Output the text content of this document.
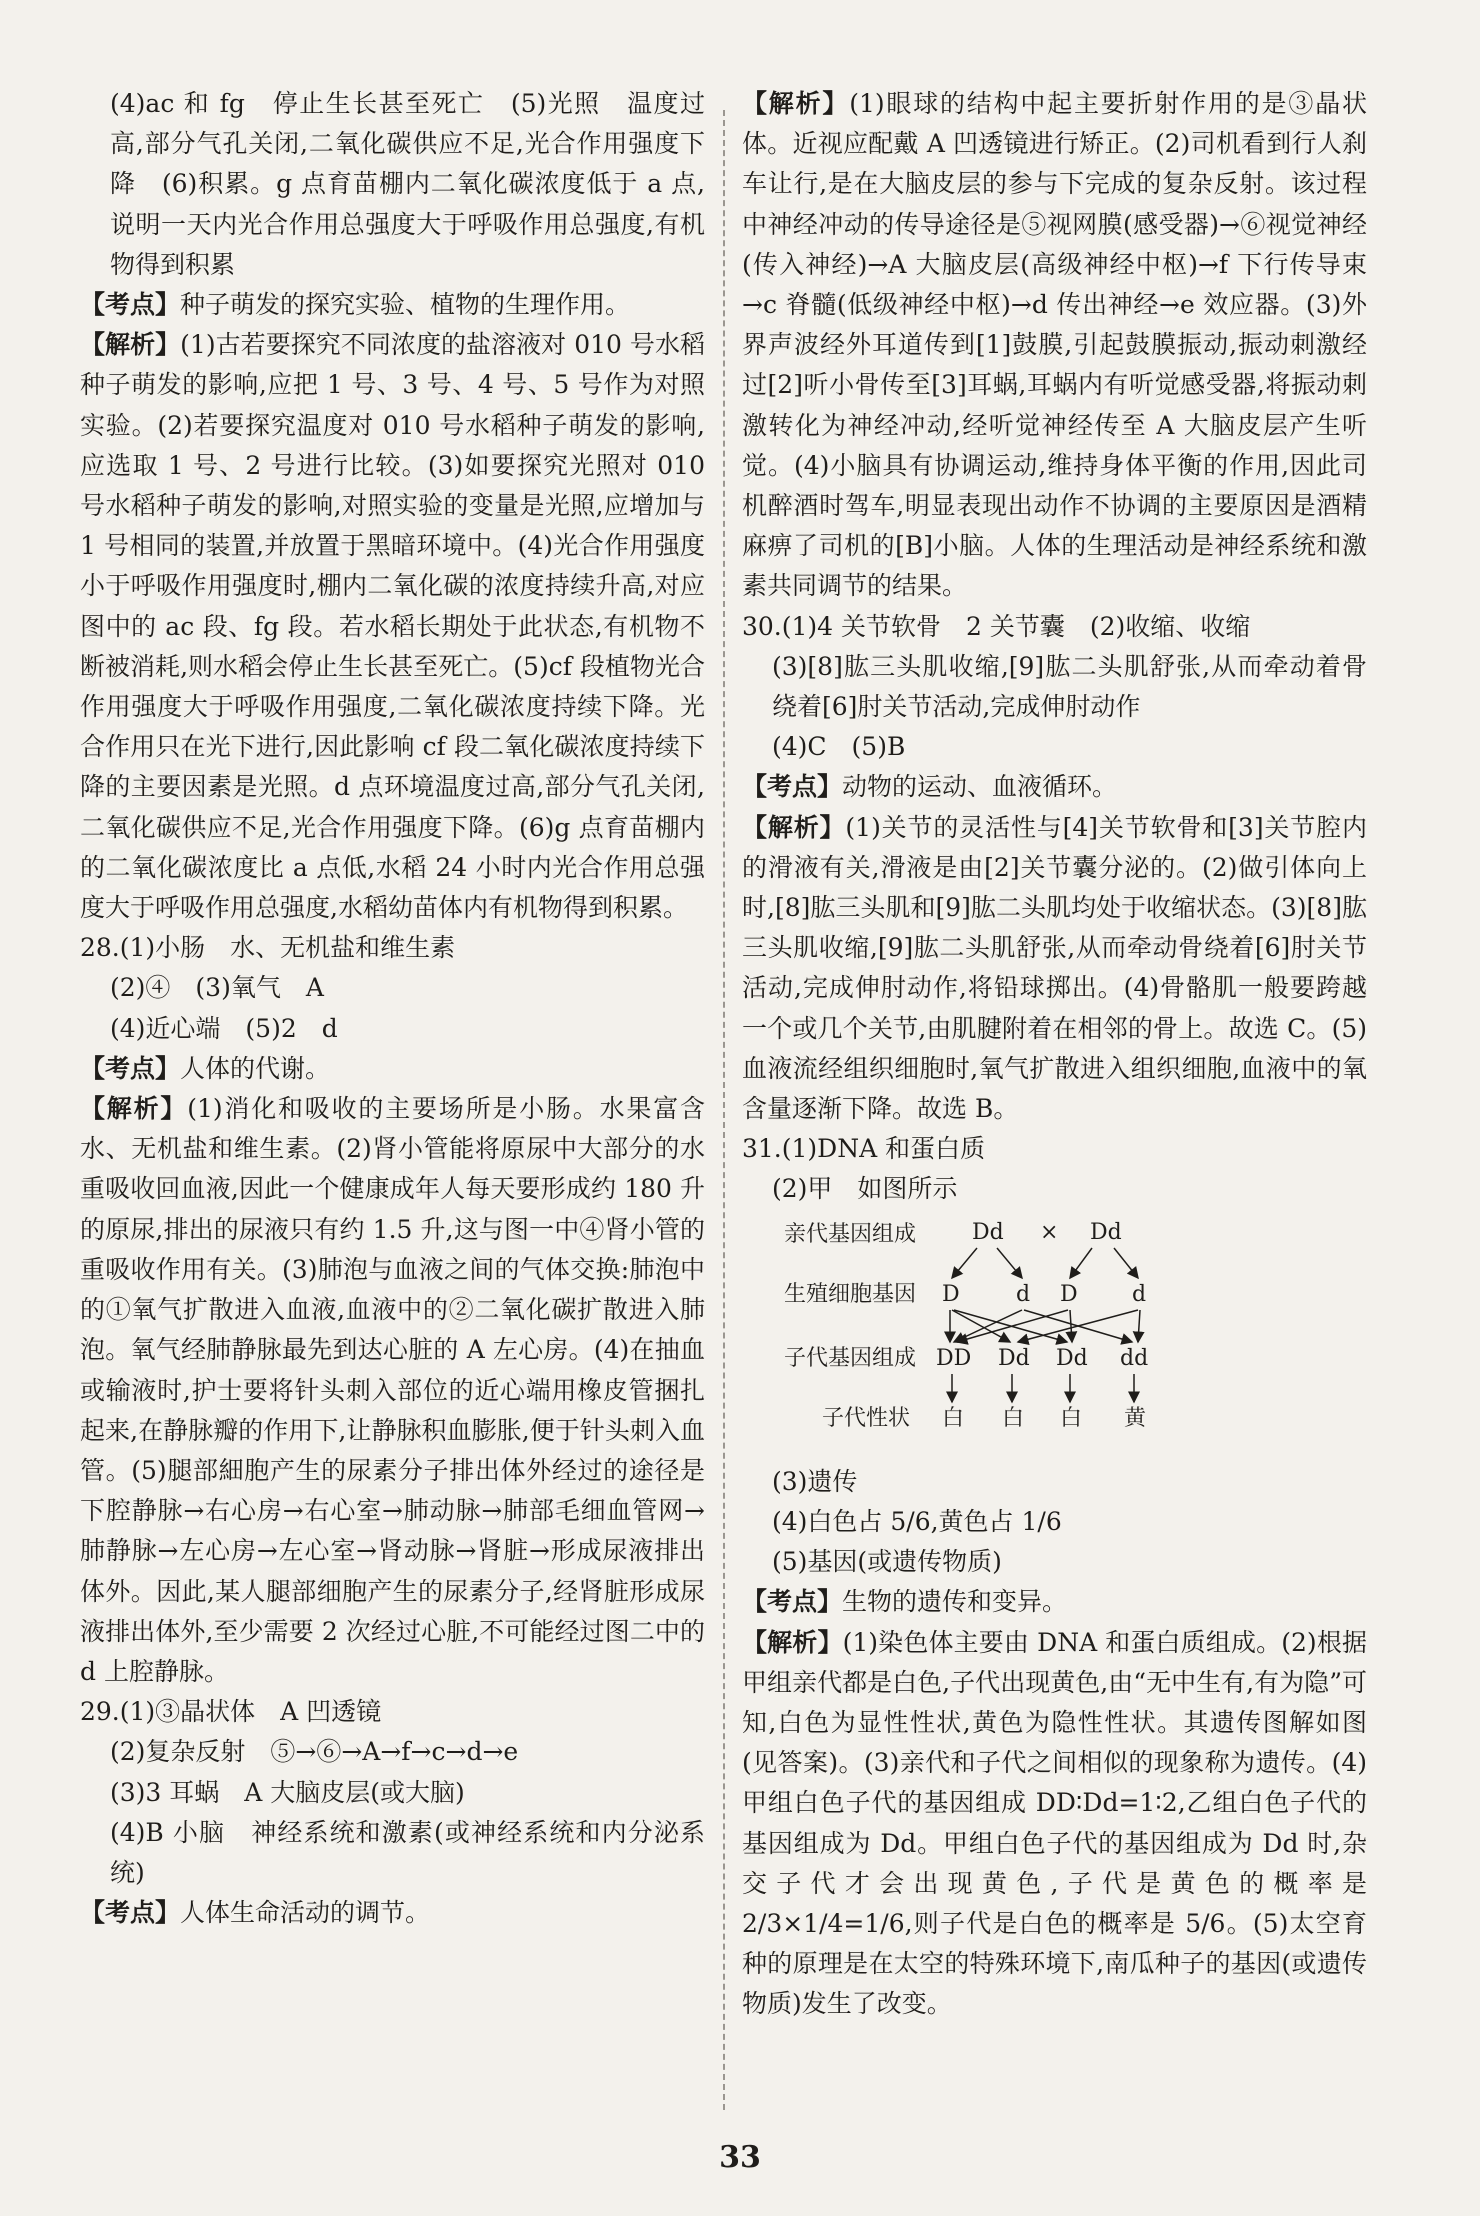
(4)ac 和 fg　停止生长甚至死亡　(5)光照　温度过高,部分气孔关闭,二氧化碳供应不足,光合作用强度下降　(6)积累。g 点育苗棚内二氧化碳浓度低于 a 点,说明一天内光合作用总强度大于呼吸作用总强度,有机物得到积累

【考点】种子萌发的探究实验、植物的生理作用。

【解析】(1)古若要探究不同浓度的盐溶液对 010 号水稻种子萌发的影响,应把 1 号、3 号、4 号、5 号作为对照实验。(2)若要探究温度对 010 号水稻种子萌发的影响,应选取 1 号、2 号进行比较。(3)如要探究光照对 010 号水稻种子萌发的影响,对照实验的变量是光照,应增加与 1 号相同的装置,并放置于黑暗环境中。(4)光合作用强度小于呼吸作用强度时,棚内二氧化碳的浓度持续升高,对应图中的 ac 段、fg 段。若水稻长期处于此状态,有机物不断被消耗,则水稻会停止生长甚至死亡。(5)cf 段植物光合作用强度大于呼吸作用强度,二氧化碳浓度持续下降。光合作用只在光下进行,因此影响 cf 段二氧化碳浓度持续下降的主要因素是光照。d 点环境温度过高,部分气孔关闭,二氧化碳供应不足,光合作用强度下降。(6)g 点育苗棚内的二氧化碳浓度比 a 点低,水稻 24 小时内光合作用总强度大于呼吸作用总强度,水稻幼苗体内有机物得到积累。

28.(1)小肠　水、无机盐和维生素

(2)④　(3)氧气　A

(4)近心端　(5)2　d

【考点】人体的代谢。

【解析】(1)消化和吸收的主要场所是小肠。水果富含水、无机盐和维生素。(2)肾小管能将原尿中大部分的水重吸收回血液,因此一个健康成年人每天要形成约 180 升的原尿,排出的尿液只有约 1.5 升,这与图一中④肾小管的重吸收作用有关。(3)肺泡与血液之间的气体交换:肺泡中的①氧气扩散进入血液,血液中的②二氧化碳扩散进入肺泡。氧气经肺静脉最先到达心脏的 A 左心房。(4)在抽血或输液时,护士要将针头刺入部位的近心端用橡皮管捆扎起来,在静脉瓣的作用下,让静脉积血膨胀,便于针头刺入血管。(5)腿部細胞产生的尿素分子排出体外经过的途径是下腔静脉→右心房→右心室→肺动脉→肺部毛细血管网→肺静脉→左心房→左心室→肾动脉→肾脏→形成尿液排出体外。因此,某人腿部细胞产生的尿素分子,经肾脏形成尿液排出体外,至少需要 2 次经过心脏,不可能经过图二中的 d 上腔静脉。

29.(1)③晶状体　A 凹透镜

(2)复杂反射　⑤→⑥→A→f→c→d→e

(3)3 耳蜗　A 大脑皮层(或大脑)

(4)B 小脑　神经系统和激素(或神经系统和内分泌系统)

【考点】人体生命活动的调节。

【解析】(1)眼球的结构中起主要折射作用的是③晶状体。近视应配戴 A 凹透镜进行矫正。(2)司机看到行人刹车让行,是在大脑皮层的参与下完成的复杂反射。该过程中神经冲动的传导途径是⑤视网膜(感受器)→⑥视觉神经(传入神经)→A 大脑皮层(高级神经中枢)→f 下行传导束→c 脊髓(低级神经中枢)→d 传出神经→e 效应器。(3)外界声波经外耳道传到[1]鼓膜,引起鼓膜振动,振动刺激经过[2]听小骨传至[3]耳蜗,耳蜗内有听觉感受器,将振动刺激转化为神经冲动,经听觉神经传至 A 大脑皮层产生听觉。(4)小脑具有协调运动,维持身体平衡的作用,因此司机醉酒时驾车,明显表现出动作不协调的主要原因是酒精麻痹了司机的[B]小脑。人体的生理活动是神经系统和激素共同调节的结果。

30.(1)4 关节软骨　2 关节囊　(2)收缩、收缩

(3)[8]肱三头肌收缩,[9]肱二头肌舒张,从而牵动着骨绕着[6]肘关节活动,完成伸肘动作

(4)C　(5)B

【考点】动物的运动、血液循环。

【解析】(1)关节的灵活性与[4]关节软骨和[3]关节腔内的滑液有关,滑液是由[2]关节囊分泌的。(2)做引体向上时,[8]肱三头肌和[9]肱二头肌均处于收缩状态。(3)[8]肱三头肌收缩,[9]肱二头肌舒张,从而牵动骨绕着[6]肘关节活动,完成伸肘动作,将铅球掷出。(4)骨骼肌一般要跨越一个或几个关节,由肌腱附着在相邻的骨上。故选 C。(5)血液流经组织细胞时,氧气扩散进入组织细胞,血液中的氧含量逐渐下降。故选 B。

31.(1)DNA 和蛋白质

(2)甲　如图所示

亲代基因组成
生殖细胞基因
子代基因组成
子代性状
Dd × Dd
D	d D d
DD Dd Dd dd
白 白 白 黄

(3)遗传

(4)白色占 5/6,黄色占 1/6

(5)基因(或遗传物质)

【考点】生物的遗传和变异。

【解析】(1)染色体主要由 DNA 和蛋白质组成。(2)根据甲组亲代都是白色,子代出现黄色,由“无中生有,有为隐”可知,白色为显性性状,黄色为隐性性状。其遗传图解如图(见答案)。(3)亲代和子代之间相似的现象称为遗传。(4)甲组白色子代的基因组成 DD∶Dd=1∶2,乙组白色子代的基因组成为 Dd。甲组白色子代的基因组成为 Dd 时,杂交子代才会出现黄色,子代是黄色的概率是 2/3×1/4=1/6,则子代是白色的概率是 5/6。(5)太空育种的原理是在太空的特殊环境下,南瓜种子的基因(或遗传物质)发生了改变。

33
